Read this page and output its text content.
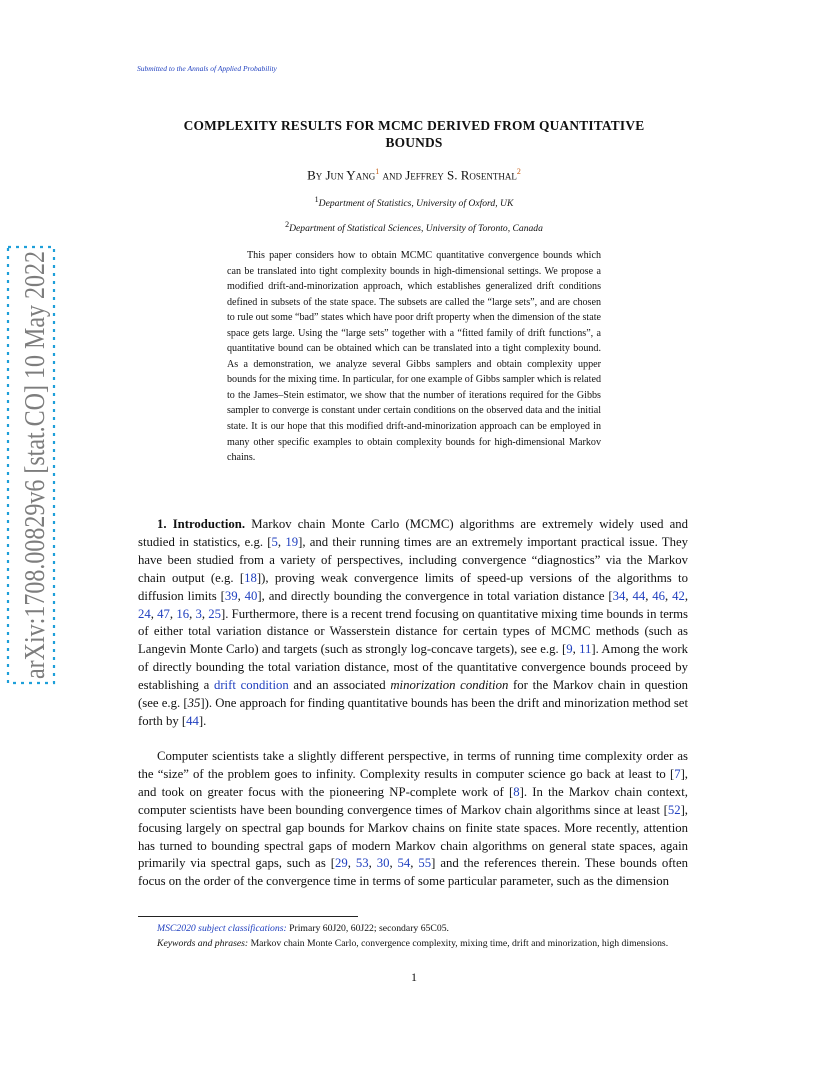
Submitted to the Annals of Applied Probability
arXiv:1708.00829v6 [stat.CO] 10 May 2022
COMPLEXITY RESULTS FOR MCMC DERIVED FROM QUANTITATIVE
BOUNDS
By Jun Yang$^1$ and Jeffrey S. Rosenthal$^2$
$^1$Department of Statistics, University of Oxford, UK
$^2$Department of Statistical Sciences, University of Toronto, Canada

This paper considers how to obtain MCMC quantitative convergence bounds which can be translated into tight complexity bounds in high-dimensional settings. We propose a modified drift-and-minorization approach, which establishes generalized drift conditions defined in subsets of the state space. The subsets are called the “large sets”, and are chosen to rule out some “bad” states which have poor drift property when the dimension of the state space gets large. Using the “large sets” together with a “fitted family of drift functions”, a quantitative bound can be obtained which can be translated into a tight complexity bound. As a demonstration, we analyze several Gibbs samplers and obtain complexity upper bounds for the mixing time. In particular, for one example of Gibbs sampler which is related to the James–Stein estimator, we show that the number of iterations required for the Gibbs sampler to converge is constant under certain conditions on the observed data and the initial state. It is our hope that this modified drift-and-minorization approach can be employed in many other specific examples to obtain complexity bounds for high-dimensional Markov chains.

1. Introduction. Markov chain Monte Carlo (MCMC) algorithms are extremely widely used and studied in statistics, e.g. [5, 19], and their running times are an extremely important practical issue. They have been studied from a variety of perspectives, including convergence “diagnostics” via the Markov chain output (e.g. [18]), proving weak convergence limits of speed-up versions of the algorithms to diffusion limits [39, 40], and directly bounding the convergence in total variation distance [34, 44, 46, 42, 24, 47, 16, 3, 25]. Furthermore, there is a recent trend focusing on quantitative mixing time bounds in terms of either total variation distance or Wasserstein distance for certain types of MCMC methods (such as Langevin Monte Carlo) and targets (such as strongly log-concave targets), see e.g. [9, 11]. Among the work of directly bounding the total variation distance, most of the quantitative convergence bounds proceed by establishing a drift condition and an associated minorization condition for the Markov chain in question (see e.g. [35]). One approach for finding quantitative bounds has been the drift and minorization method set forth by [44].

Computer scientists take a slightly different perspective, in terms of running time complexity order as the “size” of the problem goes to infinity. Complexity results in computer science go back at least to [7], and took on greater focus with the pioneering NP-complete work of [8]. In the Markov chain context, computer scientists have been bounding convergence times of Markov chain algorithms since at least [52], focusing largely on spectral gap bounds for Markov chains on finite state spaces. More recently, attention has turned to bounding spectral gaps of modern Markov chain algorithms on general state spaces, again primarily via spectral gaps, such as [29, 53, 30, 54, 55] and the references therein. These bounds often focus on the order of the convergence time in terms of some particular parameter, such as the dimension

MSC2020 subject classifications: Primary 60J20, 60J22; secondary 65C05.

Keywords and phrases: Markov chain Monte Carlo, convergence complexity, mixing time, drift and minorization, high dimensions.

1
